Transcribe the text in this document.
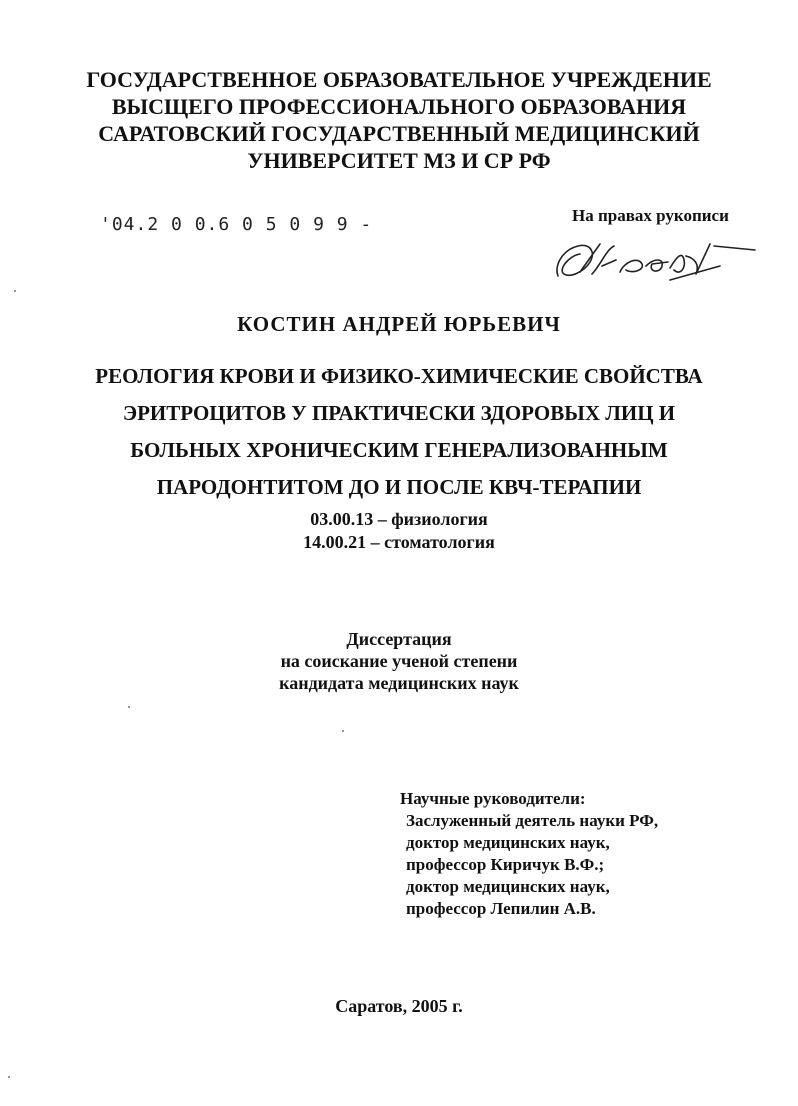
ГОСУДАРСТВЕННОЕ ОБРАЗОВАТЕЛЬНОЕ УЧРЕЖДЕНИЕ
ВЫСЩЕГО ПРОФЕССИОНАЛЬНОГО ОБРАЗОВАНИЯ
САРАТОВСКИЙ ГОСУДАРСТВЕННЫЙ МЕДИЦИНСКИЙ
УНИВЕРСИТЕТ МЗ И СР РФ
'04.2 0 0.6 0 5 0 9 9 -	На правах рукописи
КОСТИН АНДРЕЙ ЮРЬЕВИЧ
РЕОЛОГИЯ КРОВИ И ФИЗИКО-ХИМИЧЕСКИЕ СВОЙСТВА
ЭРИТРОЦИТОВ У ПРАКТИЧЕСКИ ЗДОРОВЫХ ЛИЦ И
БОЛЬНЫХ ХРОНИЧЕСКИМ ГЕНЕРАЛИЗОВАННЫМ
ПАРОДОНТИТОМ ДО И ПОСЛЕ КВЧ-ТЕРАПИИ
03.00.13 – физиология
14.00.21 – стоматология
Диссертация
на соискание ученой степени
кандидата медицинских наук
Научные руководители:
Заслуженный деятель науки РФ,
доктор медицинских наук,
профессор Киричук В.Ф.;
доктор медицинских наук,
профессор Лепилин А.В.
Саратов, 2005 г.
